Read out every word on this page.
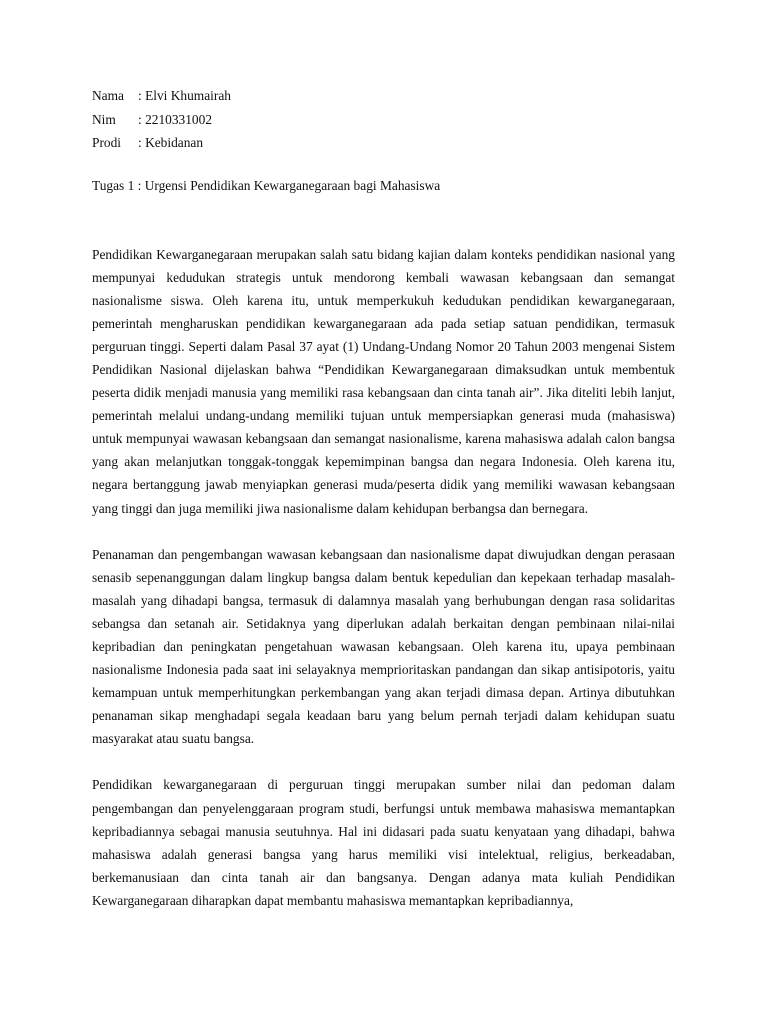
Nama	: Elvi Khumairah
Nim	: 2210331002
Prodi	: Kebidanan
Tugas 1 : Urgensi Pendidikan Kewarganegaraan bagi Mahasiswa

Pendidikan Kewarganegaraan merupakan salah satu bidang kajian dalam konteks pendidikan nasional yang mempunyai kedudukan strategis untuk mendorong kembali wawasan kebangsaan dan semangat nasionalisme siswa. Oleh karena itu, untuk memperkukuh kedudukan pendidikan kewarganegaraan, pemerintah mengharuskan pendidikan kewarganegaraan ada pada setiap satuan pendidikan, termasuk perguruan tinggi. Seperti dalam Pasal 37 ayat (1) Undang-Undang Nomor 20 Tahun 2003 mengenai Sistem Pendidikan Nasional dijelaskan bahwa “Pendidikan Kewarganegaraan dimaksudkan untuk membentuk peserta didik menjadi manusia yang memiliki rasa kebangsaan dan cinta tanah air”. Jika diteliti lebih lanjut, pemerintah melalui undang-undang memiliki tujuan untuk mempersiapkan generasi muda (mahasiswa) untuk mempunyai wawasan kebangsaan dan semangat nasionalisme, karena mahasiswa adalah calon bangsa yang akan melanjutkan tonggak-tonggak kepemimpinan bangsa dan negara Indonesia. Oleh karena itu, negara bertanggung jawab menyiapkan generasi muda/peserta didik yang memiliki wawasan kebangsaan yang tinggi dan juga memiliki jiwa nasionalisme dalam kehidupan berbangsa dan bernegara.

Penanaman dan pengembangan wawasan kebangsaan dan nasionalisme dapat diwujudkan dengan perasaan senasib sepenanggungan dalam lingkup bangsa dalam bentuk kepedulian dan kepekaan terhadap masalah-masalah yang dihadapi bangsa, termasuk di dalamnya masalah yang berhubungan dengan rasa solidaritas sebangsa dan setanah air. Setidaknya yang diperlukan adalah berkaitan dengan pembinaan nilai-nilai kepribadian dan peningkatan pengetahuan wawasan kebangsaan. Oleh karena itu, upaya pembinaan nasionalisme Indonesia pada saat ini selayaknya memprioritaskan pandangan dan sikap antisipotoris, yaitu kemampuan untuk memperhitungkan perkembangan yang akan terjadi dimasa depan. Artinya dibutuhkan penanaman sikap menghadapi segala keadaan baru yang belum pernah terjadi dalam kehidupan suatu masyarakat atau suatu bangsa.

Pendidikan kewarganegaraan di perguruan tinggi merupakan sumber nilai dan pedoman dalam pengembangan dan penyelenggaraan program studi, berfungsi untuk membawa mahasiswa memantapkan kepribadiannya sebagai manusia seutuhnya. Hal ini didasari pada suatu kenyataan yang dihadapi, bahwa mahasiswa adalah generasi bangsa yang harus memiliki visi intelektual, religius, berkeadaban, berkemanusiaan dan cinta tanah air dan bangsanya. Dengan adanya mata kuliah Pendidikan Kewarganegaraan diharapkan dapat membantu mahasiswa memantapkan kepribadiannya,
